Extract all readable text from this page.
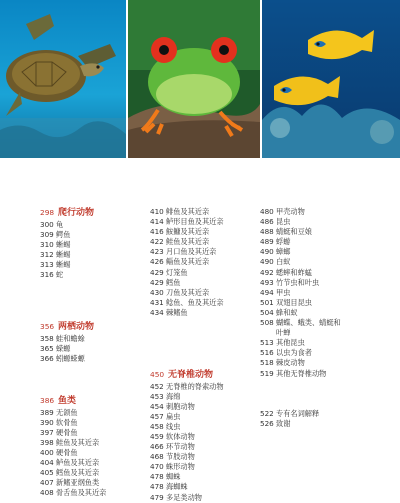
298 爬行动物
300 龟
309 鳄鱼
310 蜥蜴
312 蜥蜴
313 蜥蜴
316 蛇
356 两栖动物
358 蛙和蟾蜍
365 蝾螈
366 蚓螈蝾螈
386 鱼类
389 无颌鱼
390 软骨鱼
397 硬骨鱼
398 鲑鱼及其近亲
400 硬骨鱼
404 鲈鱼及其近亲
405 鳕鱼及其近亲
407 新鳍亚纲鱼类
408 骨舌鱼及其近亲
410 鲱鱼及其近亲
414 鲈形目鱼及其近亲
416 鮟鱇及其近亲
422 鲑鱼及其近亲
423 月口鱼及其近亲
426 鲻鱼及其近亲
429 灯笼鱼
429 鳕鱼
430 刀鱼及其近亲
431 鲶鱼、鱼及其近亲
434 棘鳍鱼
450 无脊椎动物
452 无脊椎的脊索动物
453 海绵
454 刺胞动物
457 扁虫
458 线虫
459 软体动物
466 环节动物
468 节肢动物
470 蛛形动物
478 蜘蛛
478 海蜘蛛
479 多足类动物
480 甲壳动物
486 昆虫
488 蜻蜓和豆娘
489 蜉蝣
490 蟑螂
490 白蚁
492 蟋蟀和蚱蜢
493 竹节虫和叶虫
494 甲虫
501 双翅目昆虫
504 蜂和蚁
508 蝴蝶、蛾类、蜻蜓和
叶蝉
513 其他昆虫
516 以虫为食者
518 棘皮动物
519 其他无脊椎动物
522 专有名词解释
526 致谢
